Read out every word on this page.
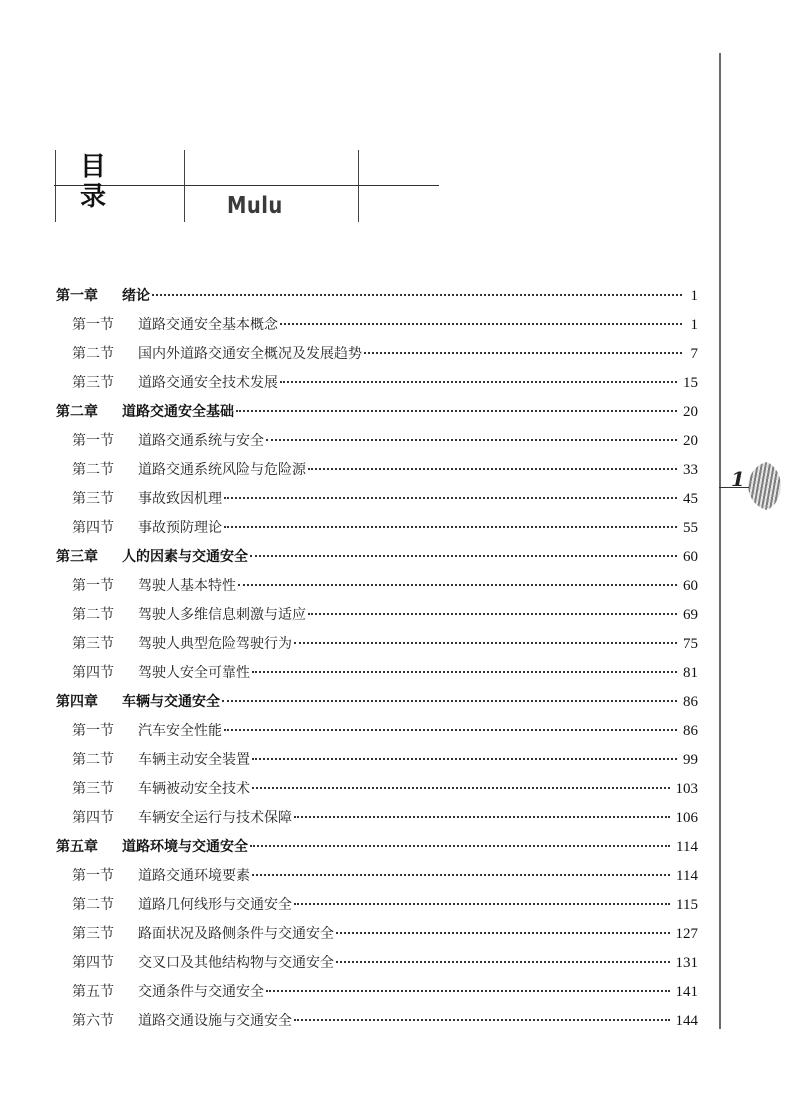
目录	Mulu
1
第一章 绪论	1
第一节 道路交通安全基本概念	1
第二节 国内外道路交通安全概况及发展趋势	7
第三节 道路交通安全技术发展	15
第二章 道路交通安全基础	20
第一节 道路交通系统与安全	20
第二节 道路交通系统风险与危险源	33
第三节 事故致因机理	45
第四节 事故预防理论	55
第三章 人的因素与交通安全	60
第一节 驾驶人基本特性	60
第二节 驾驶人多维信息刺激与适应	69
第三节 驾驶人典型危险驾驶行为	75
第四节 驾驶人安全可靠性	81
第四章 车辆与交通安全	86
第一节 汽车安全性能	86
第二节 车辆主动安全装置	99
第三节 车辆被动安全技术	103
第四节 车辆安全运行与技术保障	106
第五章 道路环境与交通安全	114
第一节 道路交通环境要素	114
第二节 道路几何线形与交通安全	115
第三节 路面状况及路侧条件与交通安全	127
第四节 交叉口及其他结构物与交通安全	131
第五节 交通条件与交通安全	141
第六节 道路交通设施与交通安全	144
